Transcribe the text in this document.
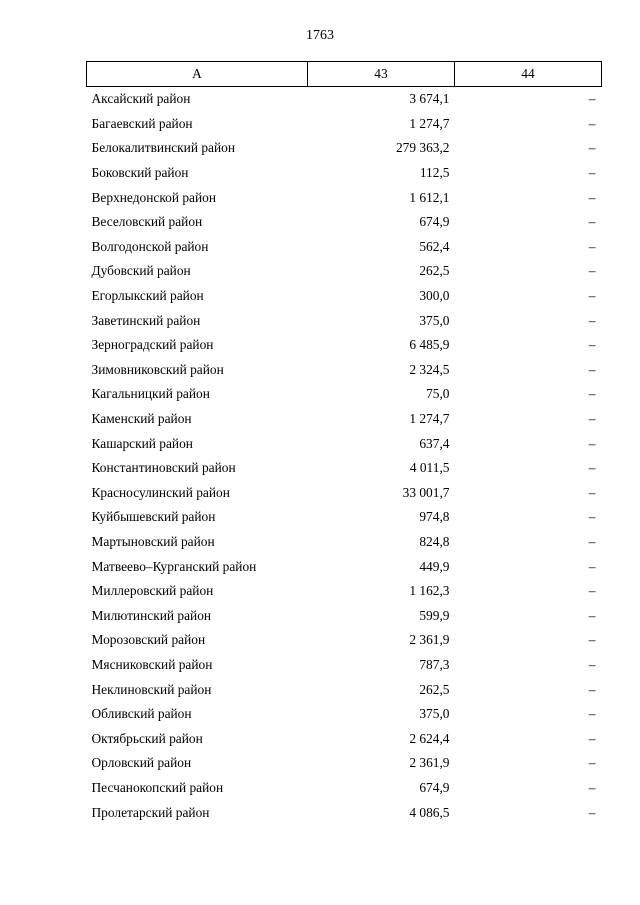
1763
А	43	44
Аксайский район	3 674,1	–
Багаевский район	1 274,7	–
Белокалитвинский район	279 363,2	–
Боковский район	112,5	–
Верхнедонской район	1 612,1	–
Веселовский район	674,9	–
Волгодонской район	562,4	–
Дубовский район	262,5	–
Егорлыкский район	300,0	–
Заветинский район	375,0	–
Зерноградский район	6 485,9	–
Зимовниковский район	2 324,5	–
Кагальницкий район	75,0	–
Каменский район	1 274,7	–
Кашарский район	637,4	–
Константиновский район	4 011,5	–
Красносулинский район	33 001,7	–
Куйбышевский район	974,8	–
Мартыновский район	824,8	–
Матвеево–Курганский район	449,9	–
Миллеровский район	1 162,3	–
Милютинский район	599,9	–
Морозовский район	2 361,9	–
Мясниковский район	787,3	–
Неклиновский район	262,5	–
Обливский район	375,0	–
Октябрьский район	2 624,4	–
Орловский район	2 361,9	–
Песчанокопский район	674,9	–
Пролетарский район	4 086,5	–
